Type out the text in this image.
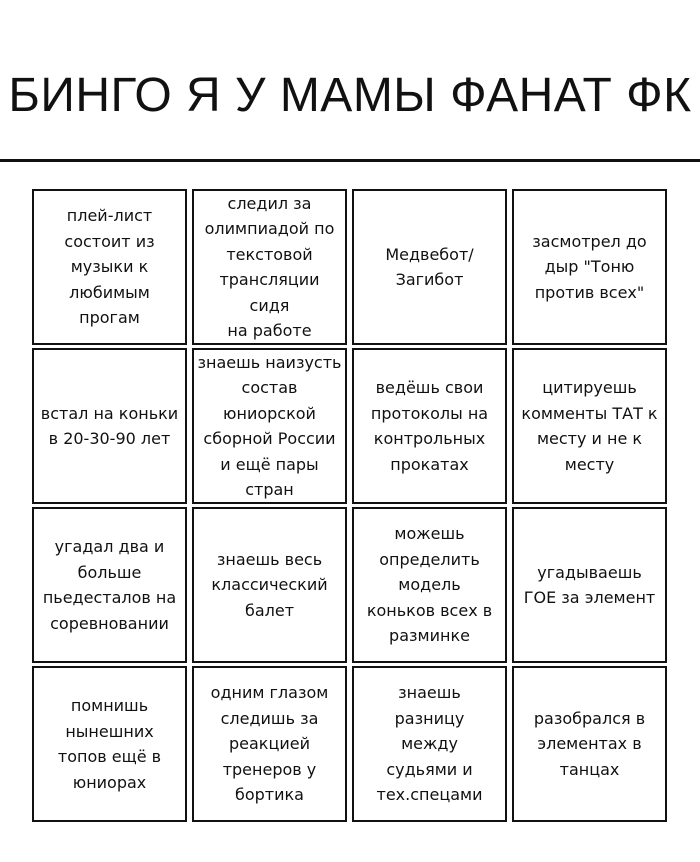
БИНГО Я У МАМЫ ФАНАТ ФК
плей-лист
состоит из
музыки к
любимым
прогам
следил за
олимпиадой по
текстовой
трансляции сидя
на работе
Медвебот/
Загибот
засмотрел до
дыр "Тоню
против всех"
встал на коньки
в 20-30-90 лет
знаешь наизусть
состав
юниорской
сборной России
и ещё пары
стран
ведёшь свои
протоколы на
контрольных
прокатах
цитируешь
комменты ТАТ к
месту и не к
месту
угадал два и
больше
пьедесталов на
соревновании
знаешь весь
классический
балет
можешь
определить
модель
коньков всех в
разминке
угадываешь
ГОЕ за элемент
помнишь
нынешних
топов ещё в
юниорах
одним глазом
следишь за
реакцией
тренеров у
бортика
знаешь
разницу
между
судьями и
тех.спецами
разобрался в
элементах в
танцах
